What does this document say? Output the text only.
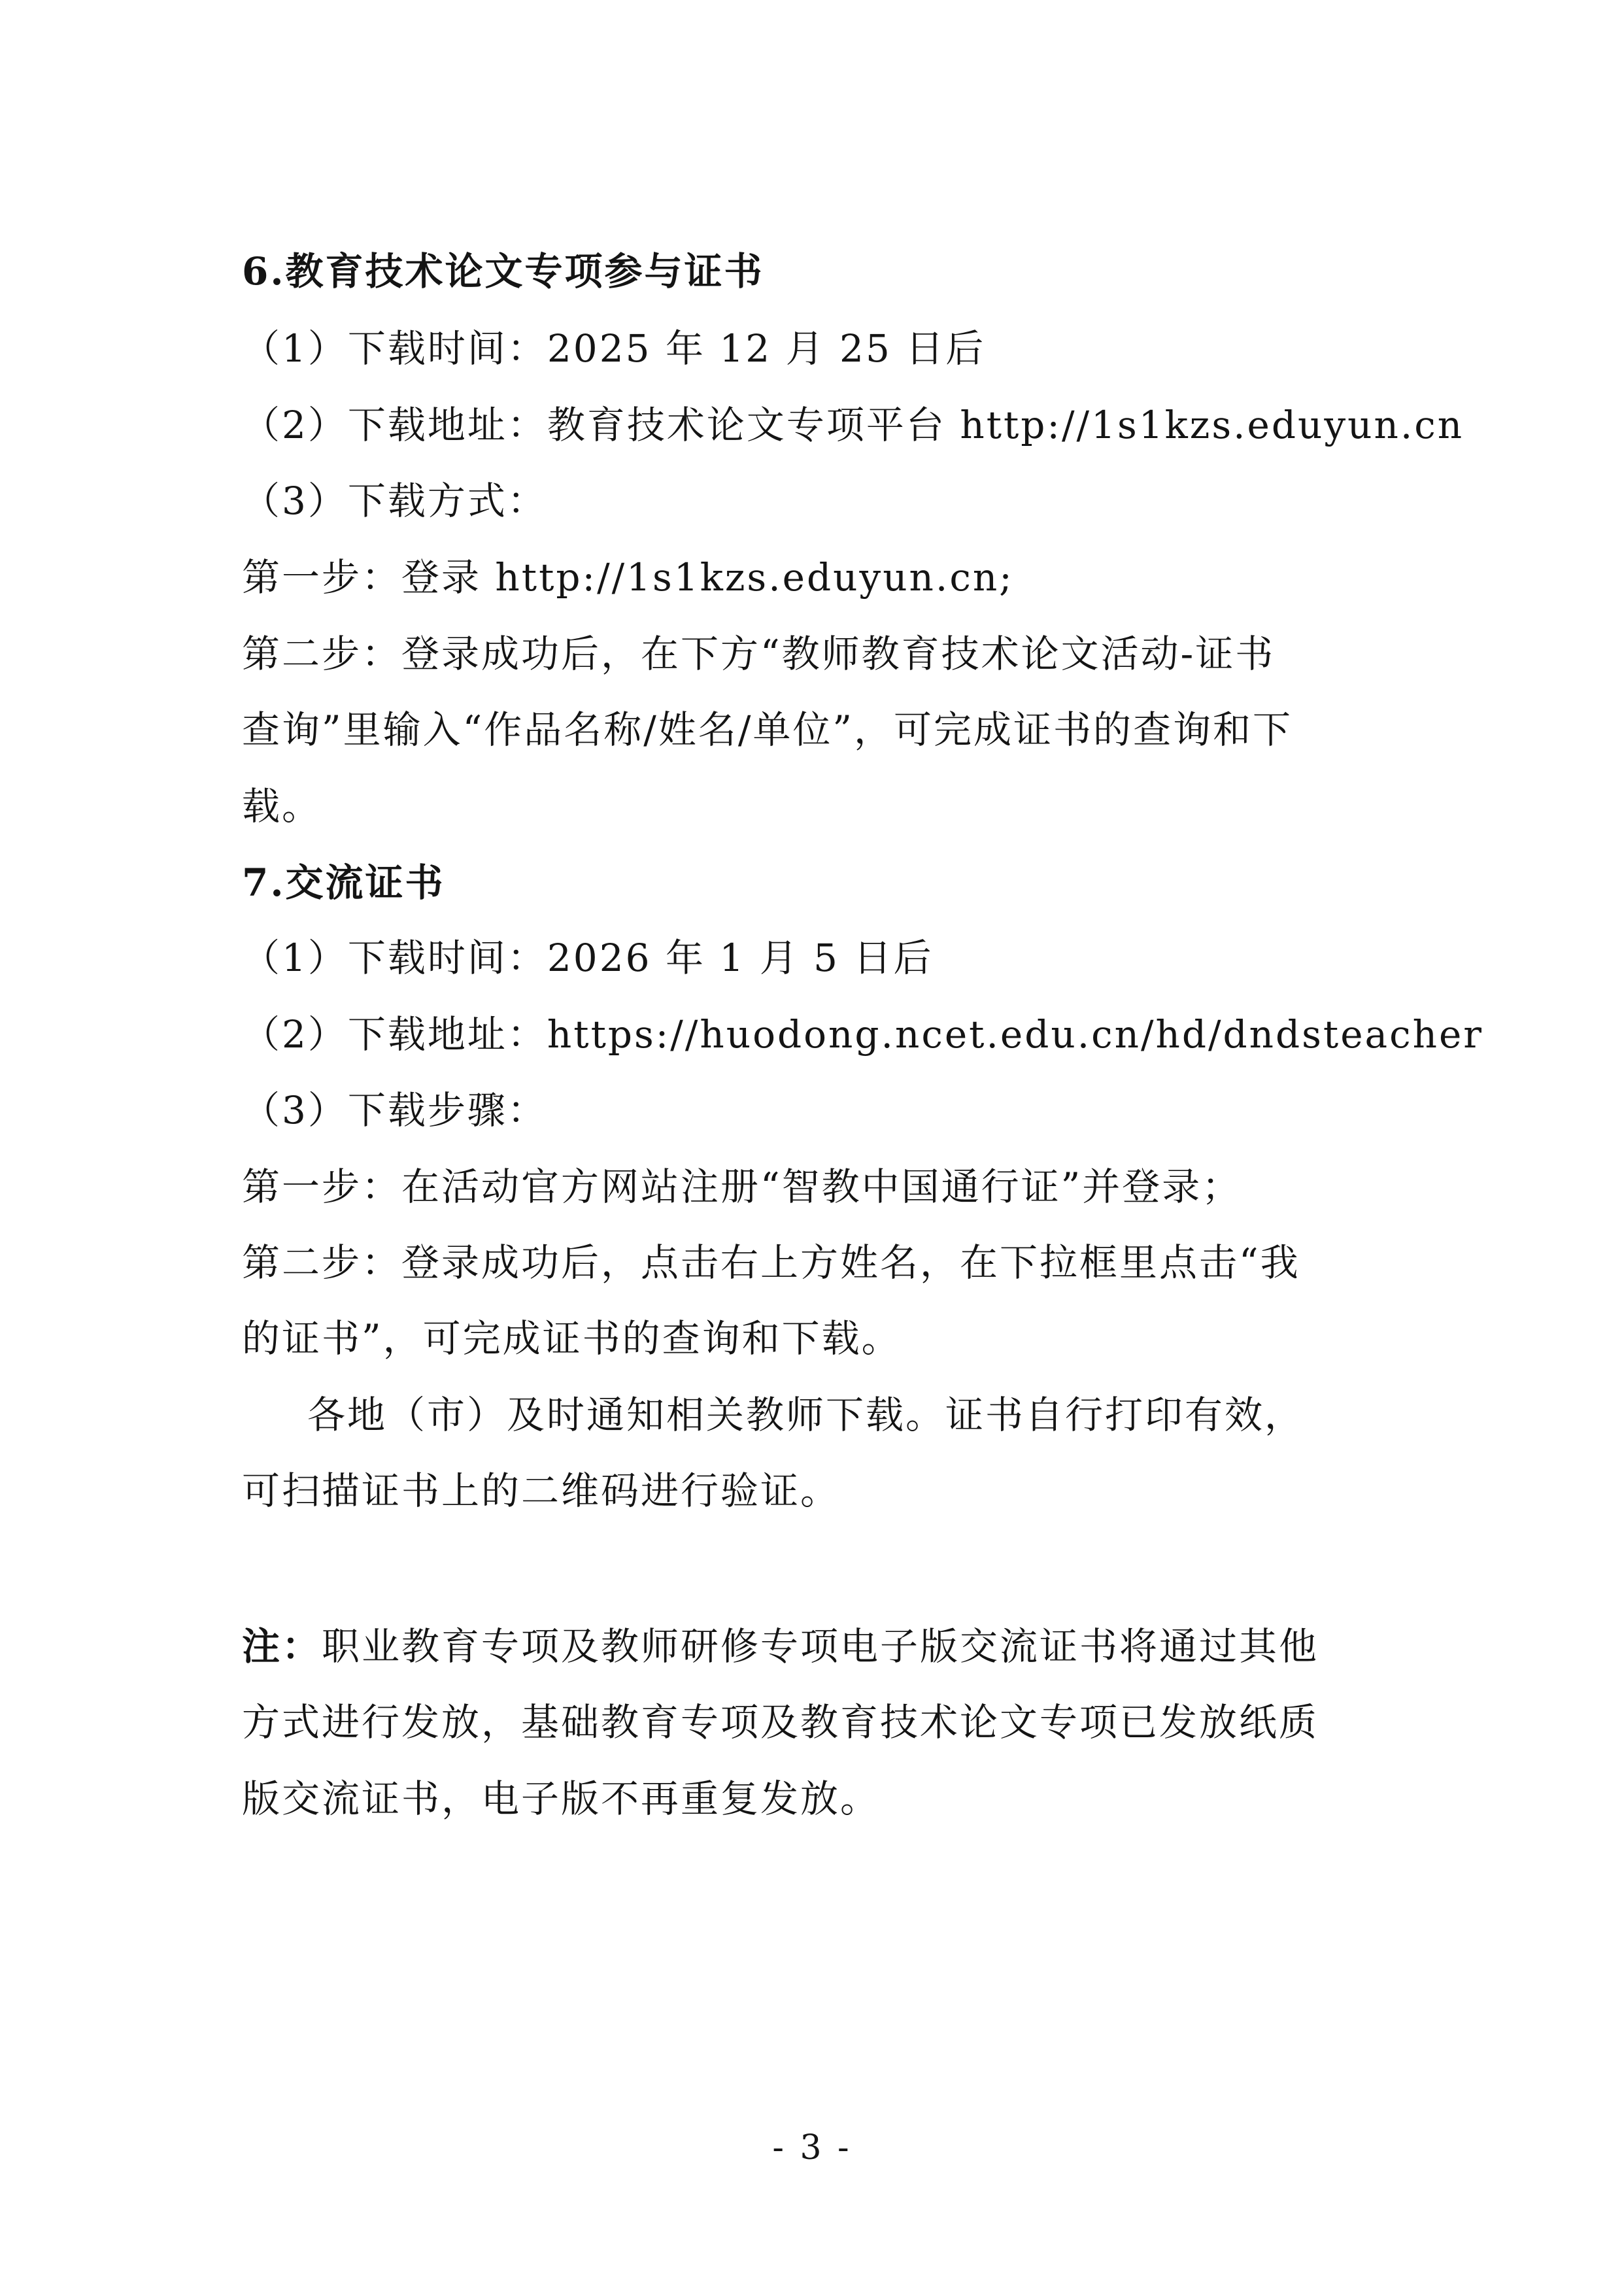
6.教育技术论文专项参与证书
（1）下载时间：2025 年 12 月 25 日后
（2）下载地址：教育技术论文专项平台 http://1s1kzs.eduyun.cn
（3）下载方式：
第一步：登录 http://1s1kzs.eduyun.cn;
第二步：登录成功后，在下方“教师教育技术论文活动-证书
查询”里输入“作品名称/姓名/单位”，可完成证书的查询和下
载。
7.交流证书
（1）下载时间：2026 年 1 月 5 日后
（2）下载地址：https://huodong.ncet.edu.cn/hd/dndsteacher
（3）下载步骤：
第一步：在活动官方网站注册“智教中国通行证”并登录；
第二步：登录成功后，点击右上方姓名，在下拉框里点击“我
的证书”，可完成证书的查询和下载。
各地（市）及时通知相关教师下载。证书自行打印有效，
可扫描证书上的二维码进行验证。
注：职业教育专项及教师研修专项电子版交流证书将通过其他
方式进行发放，基础教育专项及教育技术论文专项已发放纸质
版交流证书，电子版不再重复发放。
- 3 -
